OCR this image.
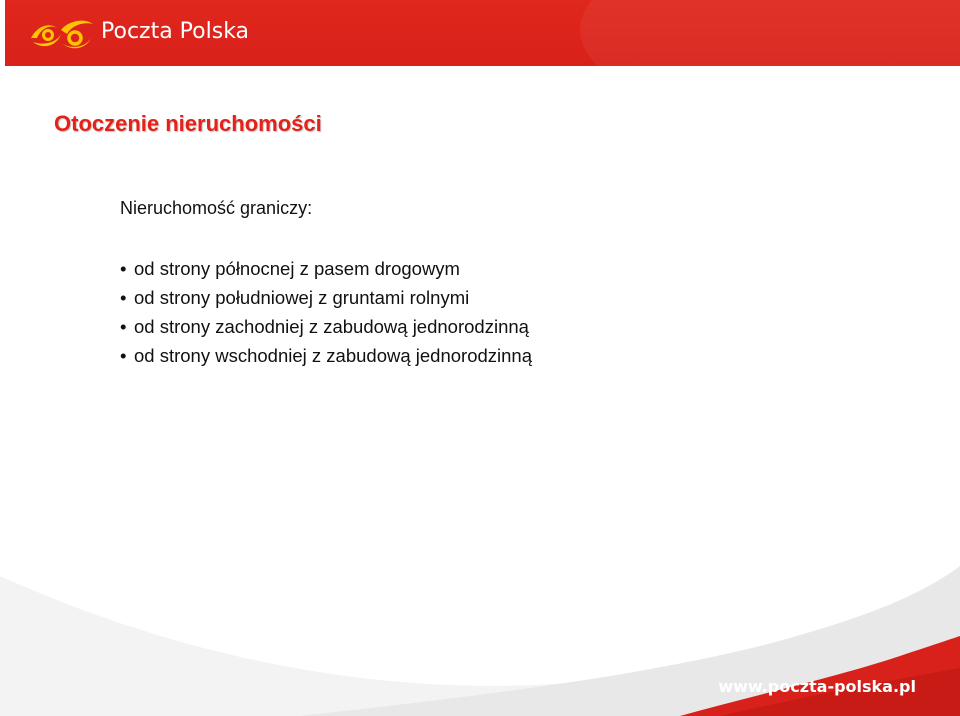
Poczta Polska
Otoczenie nieruchomości
Nieruchomość graniczy:
• od strony północnej z pasem drogowym
• od strony południowej z gruntami rolnymi
• od strony zachodniej z zabudową jednorodzinną
• od strony wschodniej z zabudową jednorodzinną
www.poczta-polska.pl
